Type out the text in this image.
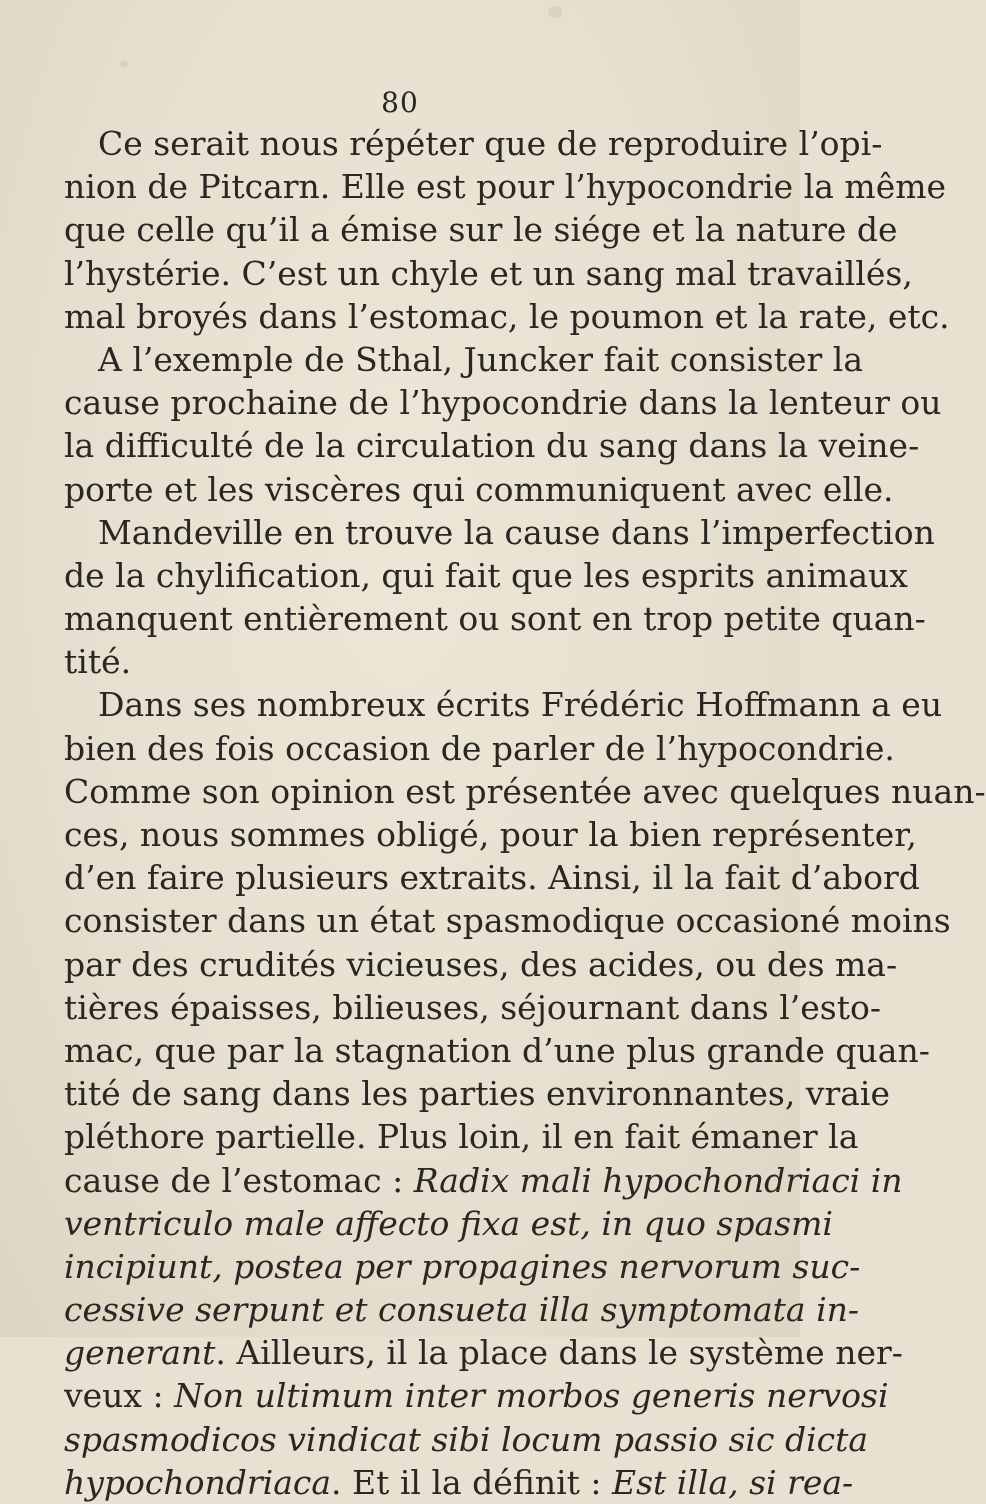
80
Ce serait nous répéter que de reproduire l’opi-
nion de Pitcarn. Elle est pour l’hypocondrie la même
que celle qu’il a émise sur le siége et la nature de
l’hystérie. C’est un chyle et un sang mal travaillés,
mal broyés dans l’estomac, le poumon et la rate, etc.
A l’exemple de Sthal, Juncker fait consister la
cause prochaine de l’hypocondrie dans la lenteur ou
la difficulté de la circulation du sang dans la veine-
porte et les viscères qui communiquent avec elle.
Mandeville en trouve la cause dans l’imperfection
de la chylification, qui fait que les esprits animaux
manquent entièrement ou sont en trop petite quan-
tité.
Dans ses nombreux écrits Frédéric Hoffmann a eu
bien des fois occasion de parler de l’hypocondrie.
Comme son opinion est présentée avec quelques nuan-
ces, nous sommes obligé, pour la bien représenter,
d’en faire plusieurs extraits. Ainsi, il la fait d’abord
consister dans un état spasmodique occasioné moins
par des crudités vicieuses, des acides, ou des ma-
tières épaisses, bilieuses, séjournant dans l’esto-
mac, que par la stagnation d’une plus grande quan-
tité de sang dans les parties environnantes, vraie
pléthore partielle. Plus loin, il en fait émaner la
cause de l’estomac : Radix mali hypochondriaci in
ventriculo male affecto fixa est, in quo spasmi
incipiunt, postea per propagines nervorum suc-
cessive serpunt et consueta illa symptomata in-
generant. Ailleurs, il la place dans le système ner-
veux : Non ultimum inter morbos generis nervosi
spasmodicos vindicat sibi locum passio sic dicta
hypochondriaca. Et il la définit : Est illa, si rea-
